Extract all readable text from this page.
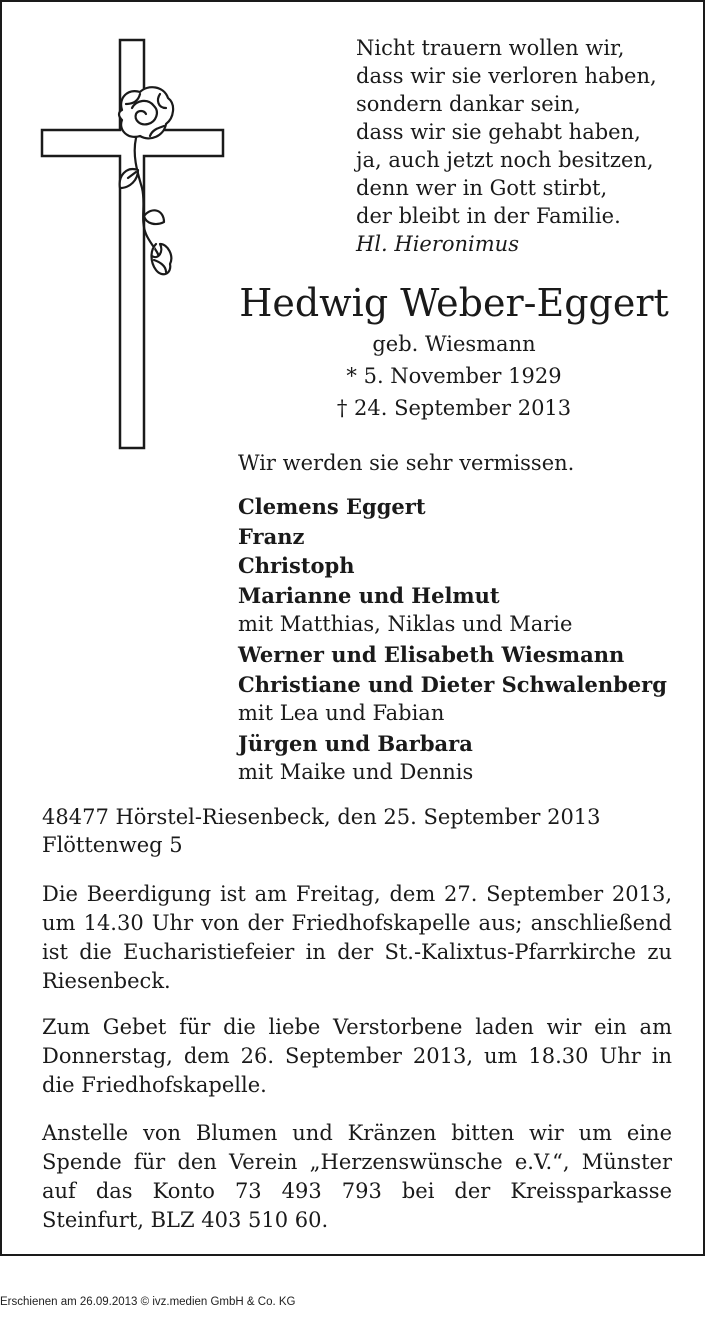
Nicht trauern wollen wir,
dass wir sie verloren haben,
sondern dankar sein,
dass wir sie gehabt haben,
ja, auch jetzt noch besitzen,
denn wer in Gott stirbt,
der bleibt in der Familie.
Hl. Hieronimus
Hedwig Weber-Eggert
geb. Wiesmann
* 5. November 1929
† 24. September 2013
Wir werden sie sehr vermissen.
Clemens Eggert
Franz
Christoph
Marianne und Helmut
mit Matthias, Niklas und Marie
Werner und Elisabeth Wiesmann
Christiane und Dieter Schwalenberg
mit Lea und Fabian
Jürgen und Barbara
mit Maike und Dennis
48477 Hörstel-Riesenbeck, den 25. September 2013
Flöttenweg 5
Die Beerdigung ist am Freitag, dem 27. September 2013, um 14.30 Uhr von der Friedhofskapelle aus; anschließend ist die Eucharistiefeier in der St.-Kalixtus-Pfarrkirche zu Riesenbeck.
Zum Gebet für die liebe Verstorbene laden wir ein am Donnerstag, dem 26. September 2013, um 18.30 Uhr in die Friedhofskapelle.
Anstelle von Blumen und Kränzen bitten wir um eine Spende für den Verein „Herzenswünsche e.V.“, Münster auf das Konto 73 493 793 bei der Kreissparkasse Steinfurt, BLZ 403 510 60.
Erschienen am 26.09.2013 © ivz.medien GmbH & Co. KG
